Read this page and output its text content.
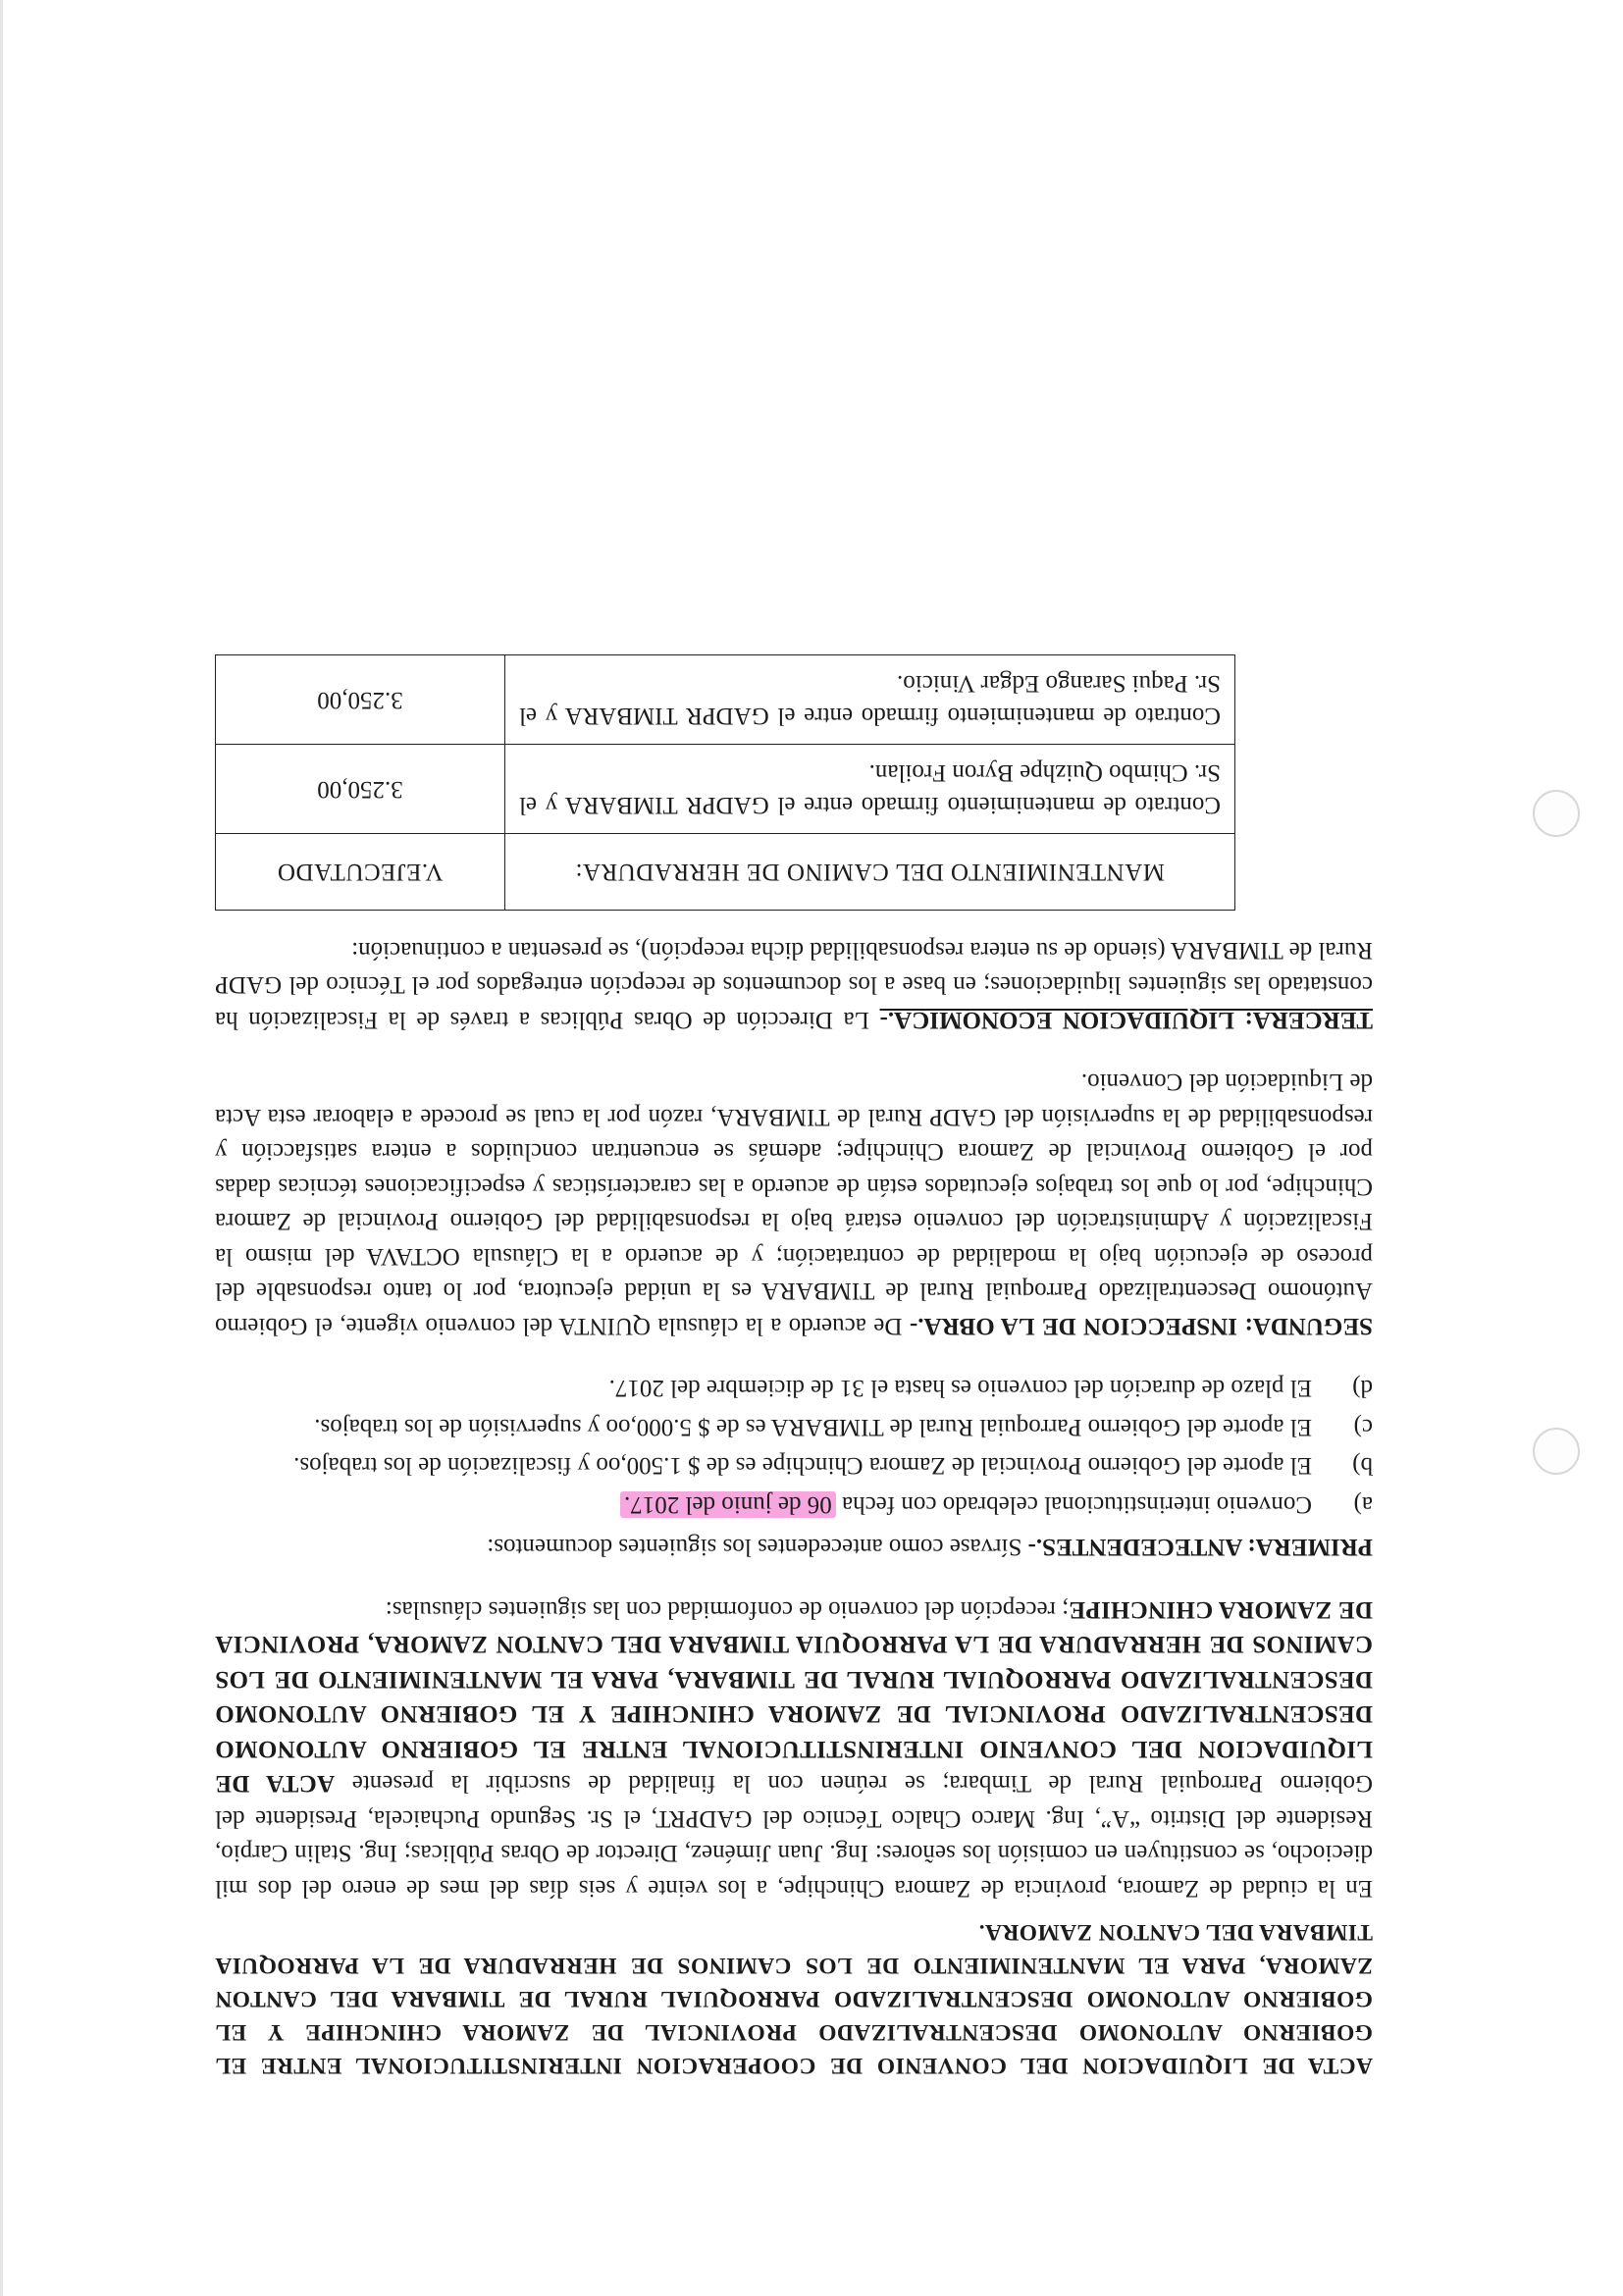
ACTA DE LIQUIDACION DEL CONVENIO DE COOPERACION INTERINSTITUCIONAL ENTRE EL GOBIERNO AUTONOMO DESCENTRALIZADO PROVINCIAL DE ZAMORA CHINCHIPE Y EL GOBIERNO AUTONOMO DESCENTRALIZADO PARROQUIAL RURAL DE TIMBARA DEL CANTON ZAMORA, PARA EL MANTENIMIENTO DE LOS CAMINOS DE HERRADURA DE LA PARROQUIA TIMBARA DEL CANTON ZAMORA.

En la ciudad de Zamora, provincia de Zamora Chinchipe, a los veinte y seis días del mes de enero del dos mil dieciocho, se constituyen en comisión los señores: Ing. Juan Jiménez, Director de Obras Públicas; Ing. Stalin Carpio, Residente del Distrito “A”, Ing. Marco Chalco Técnico del GADPRT, el Sr. Segundo Puchaicela, Presidente del Gobierno Parroquial Rural de Timbara; se reúnen con la finalidad de suscribir la presente ACTA DE LIQUIDACION DEL CONVENIO INTERINSTITUCIONAL ENTRE EL GOBIERNO AUTONOMO DESCENTRALIZADO PROVINCIAL DE ZAMORA CHINCHIPE Y EL GOBIERNO AUTONOMO DESCENTRALIZADO PARROQUIAL RURAL DE TIMBARA, PARA EL MANTENIMIENTO DE LOS CAMINOS DE HERRADURA DE LA PARROQUIA TIMBARA DEL CANTON ZAMORA, PROVINCIA DE ZAMORA CHINCHIPE; recepción del convenio de conformidad con las siguientes cláusulas:

PRIMERA: ANTECEDENTES.- Sírvase como antecedentes los siguientes documentos:

a)
Convenio interinstitucional celebrado con fecha 06 de junio del 2017.
b)
El aporte del Gobierno Provincial de Zamora Chinchipe es de $ 1.500,oo y fiscalización de los trabajos.
c)
El aporte del Gobierno Parroquial Rural de TIMBARA es de $ 5.000,oo y supervisión de los trabajos.
d)
El plazo de duración del convenio es hasta el 31 de diciembre del 2017.

SEGUNDA: INSPECCION DE LA OBRA.- De acuerdo a la cláusula QUINTA del convenio vigente, el Gobierno Autónomo Descentralizado Parroquial Rural de TIMBARA es la unidad ejecutora, por lo tanto responsable del proceso de ejecución bajo la modalidad de contratación; y de acuerdo a la Cláusula OCTAVA del mismo la Fiscalización y Administración del convenio estará bajo la responsabilidad del Gobierno Provincial de Zamora Chinchipe, por lo que los trabajos ejecutados están de acuerdo a las características y especificaciones técnicas dadas por el Gobierno Provincial de Zamora Chinchipe; además se encuentran concluidos a entera satisfacción y responsabilidad de la supervisión del GADP Rural de TIMBARA, razón por la cual se procede a elaborar esta Acta de Liquidación del Convenio.

TERCERA: LIQUIDACION ECONOMICA.- La Dirección de Obras Públicas a través de la Fiscalización ha constatado las siguientes liquidaciones; en base a los documentos de recepción entregados por el Técnico del GADP Rural de TIMBARA (siendo de su entera responsabilidad dicha recepción), se presentan a continuación:

MANTENIMIENTO DEL CAMINO DE HERRADURA:	V.EJECUTADO
Contrato de mantenimiento firmado entre el GADPR TIMBARA y el Sr. Chimbo Quizhpe Byron Froilan.	3.250,00
Contrato de mantenimiento firmado entre el GADPR TIMBARA y el Sr. Paqui Sarango Edgar Vinicio.	3.250,00
